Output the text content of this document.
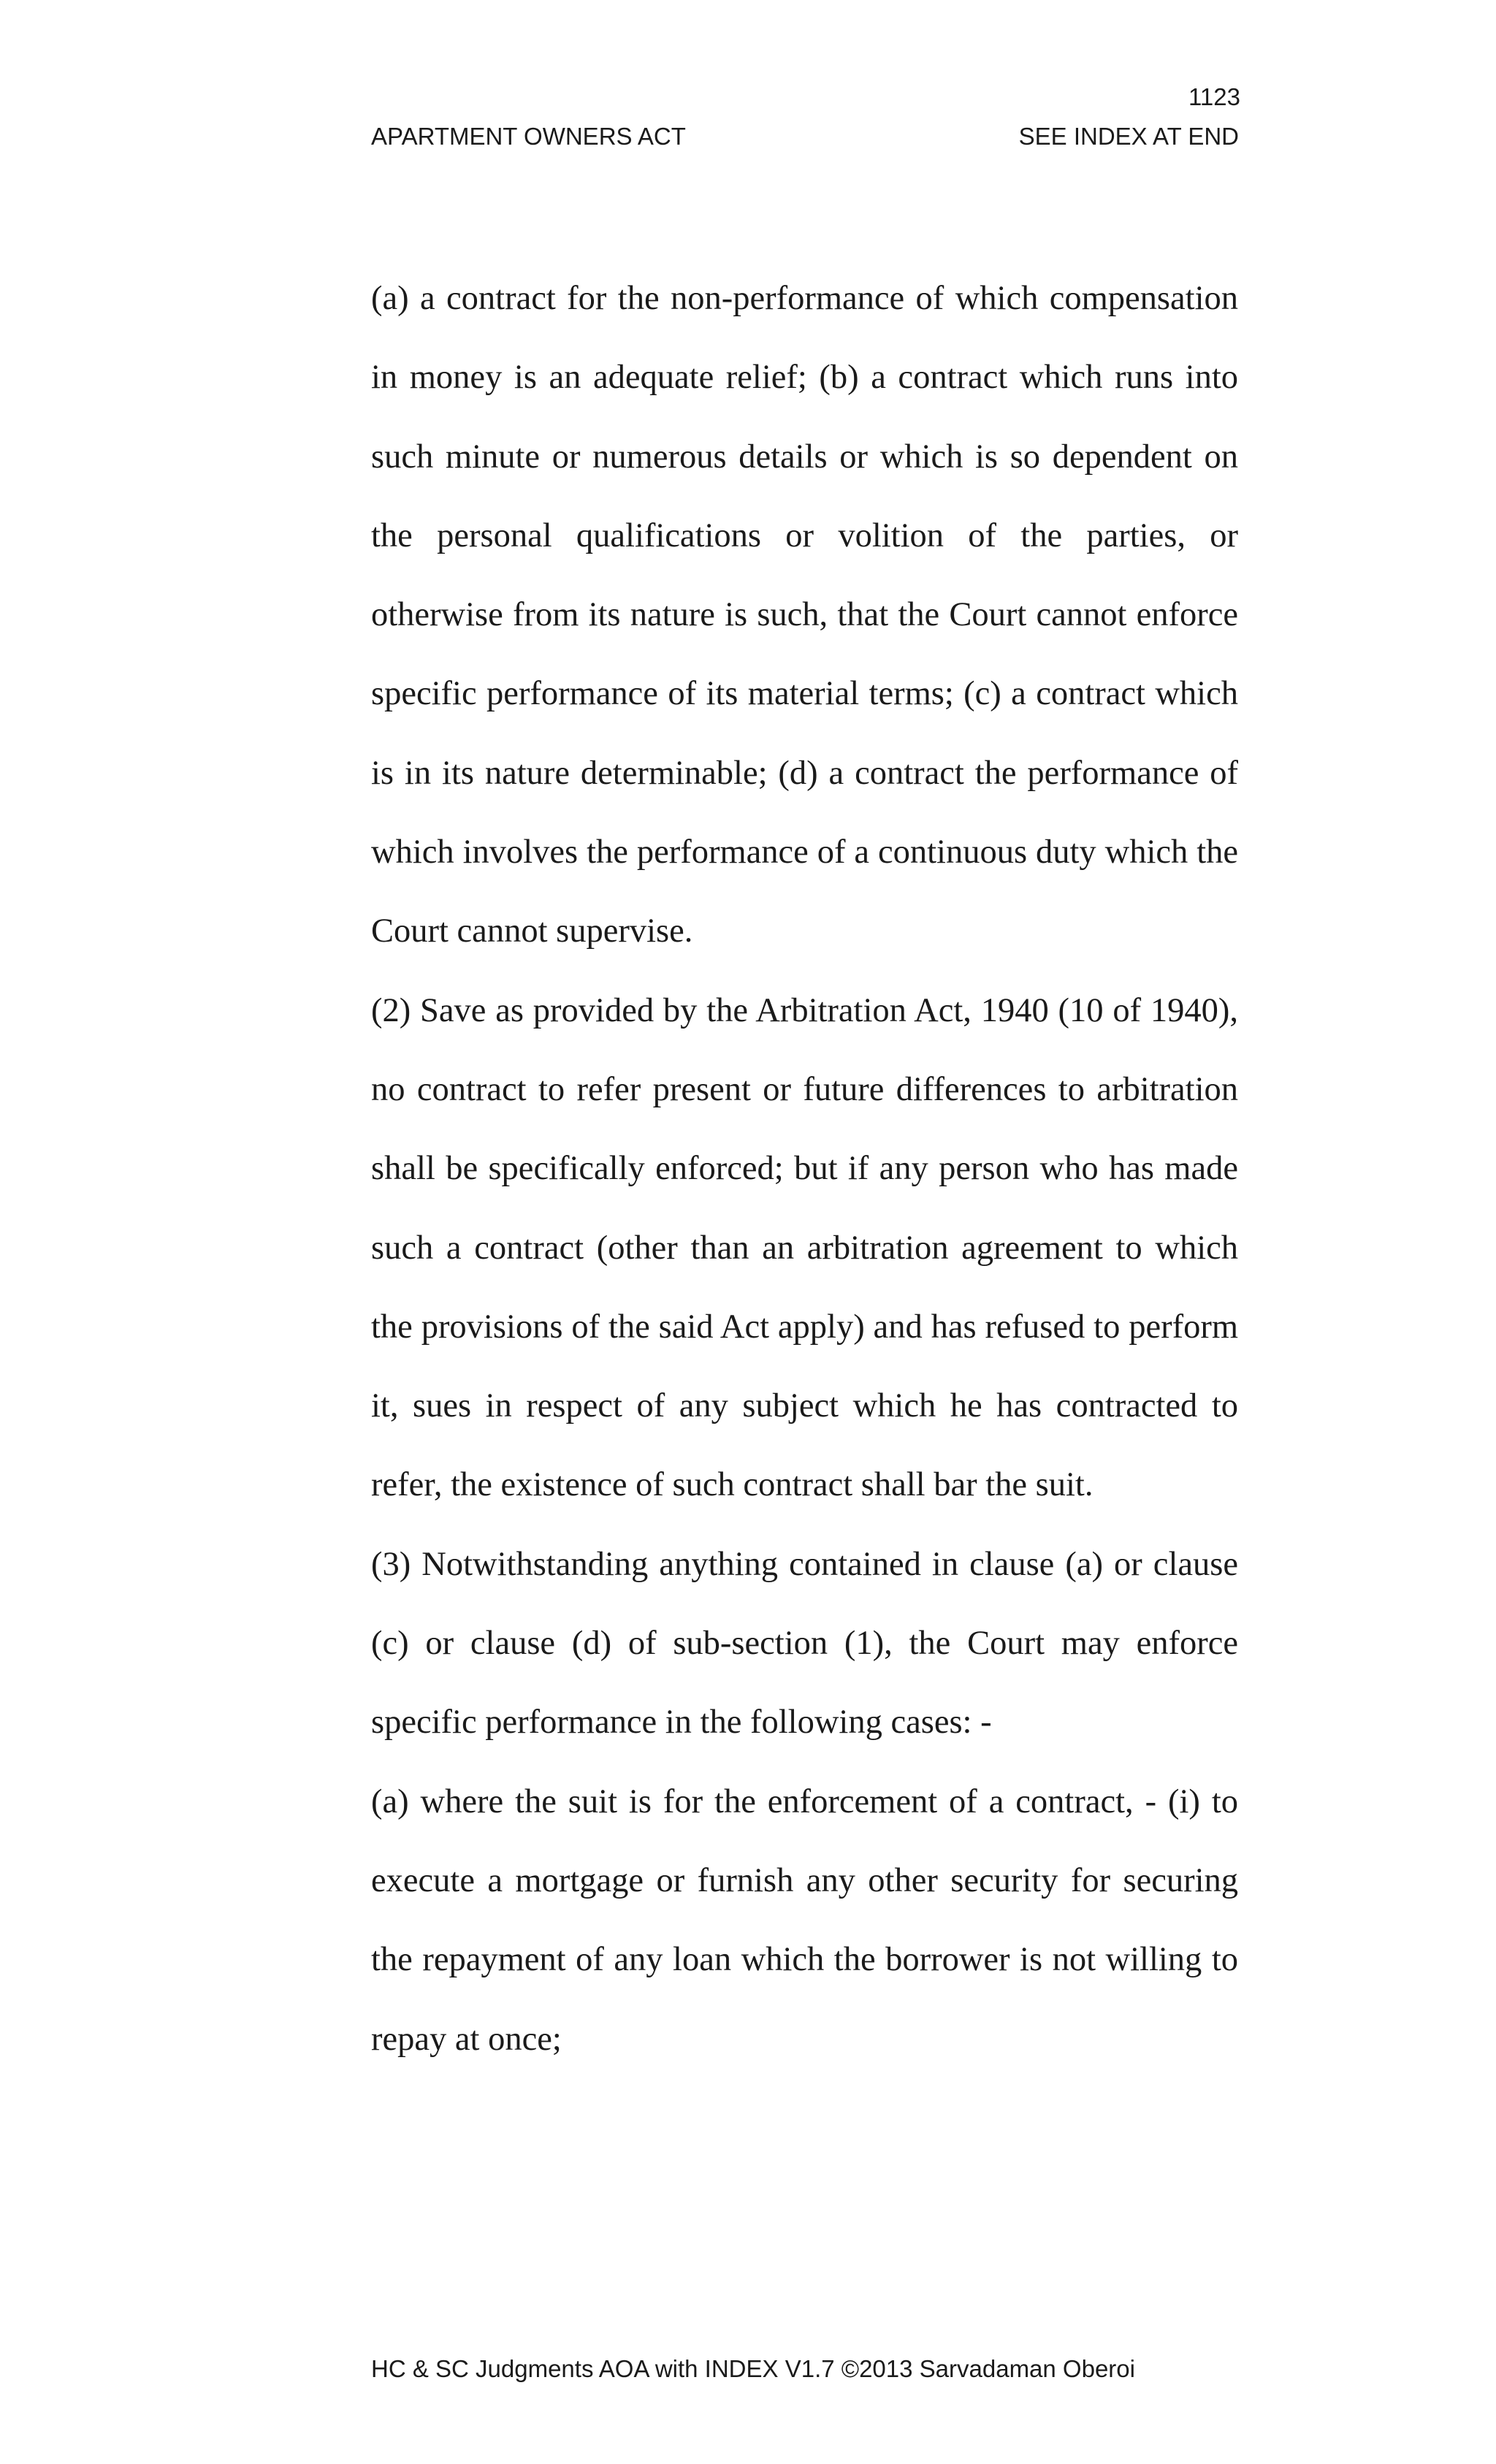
1123
APARTMENT OWNERS ACT	SEE INDEX AT END

(a) a contract for the non-performance of which compensation in money is an adequate relief; (b) a contract which runs into such minute or numerous details or which is so dependent on the personal qualifications or volition of the parties, or otherwise from its nature is such, that the Court cannot enforce specific performance of its material terms; (c) a contract which is in its nature determinable; (d) a contract the performance of which involves the performance of a continuous duty which the Court cannot supervise.

(2) Save as provided by the Arbitration Act, 1940 (10 of 1940), no contract to refer present or future differences to arbitration shall be specifically enforced; but if any person who has made such a contract (other than an arbitration agreement to which the provisions of the said Act apply) and has refused to perform it, sues in respect of any subject which he has contracted to refer, the existence of such contract shall bar the suit.

(3) Notwithstanding anything contained in clause (a) or clause (c) or clause (d) of sub-section (1), the Court may enforce specific performance in the following cases: -

(a) where the suit is for the enforcement of a contract, - (i) to execute a mortgage or furnish any other security for securing the repayment of any loan which the borrower is not willing to repay at once;

HC & SC Judgments AOA with INDEX V1.7 ©2013 Sarvadaman Oberoi
